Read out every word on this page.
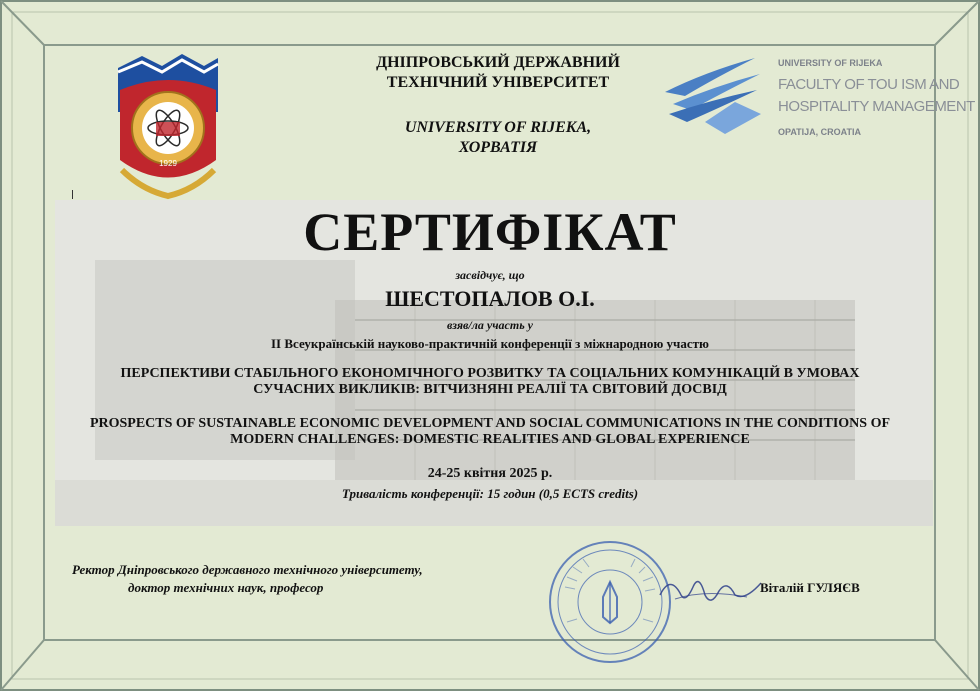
1929
UNIVERSITY OF RIJEKA
FACULTY OF TOU ISM AND
HOSPITALITY MANAGEMENT
OPATIJA, CROATIA
ДНІПРОВСЬКИЙ ДЕРЖАВНИЙ
ТЕХНІЧНИЙ УНІВЕРСИТЕТ
UNIVERSITY OF RIJEKA,
ХОРВАТІЯ
СЕРТИФІКАТ
засвідчує, що
ШЕСТОПАЛОВ О.І.
взяв/ла участь у
ІІ Всеукраїнській науково-практичній конференції з міжнародною участю
ПЕРСПЕКТИВИ СТАБІЛЬНОГО ЕКОНОМІЧНОГО РОЗВИТКУ ТА СОЦІАЛЬНИХ КОМУНІКАЦІЙ В УМОВАХ СУЧАСНИХ ВИКЛИКІВ: ВІТЧИЗНЯНІ РЕАЛІЇ ТА СВІТОВИЙ ДОСВІД
PROSPECTS OF SUSTAINABLE ECONOMIC DEVELOPMENT AND SOCIAL COMMUNICATIONS IN THE CONDITIONS OF MODERN CHALLENGES: DOMESTIC REALITIES AND GLOBAL EXPERIENCE
24-25 квітня 2025 р.
Тривалість конференції: 15 годин (0,5 ECTS credits)
Ректор Дніпровського державного технічного університету,
доктор технічних наук, професор	Віталій ГУЛЯЄВ
